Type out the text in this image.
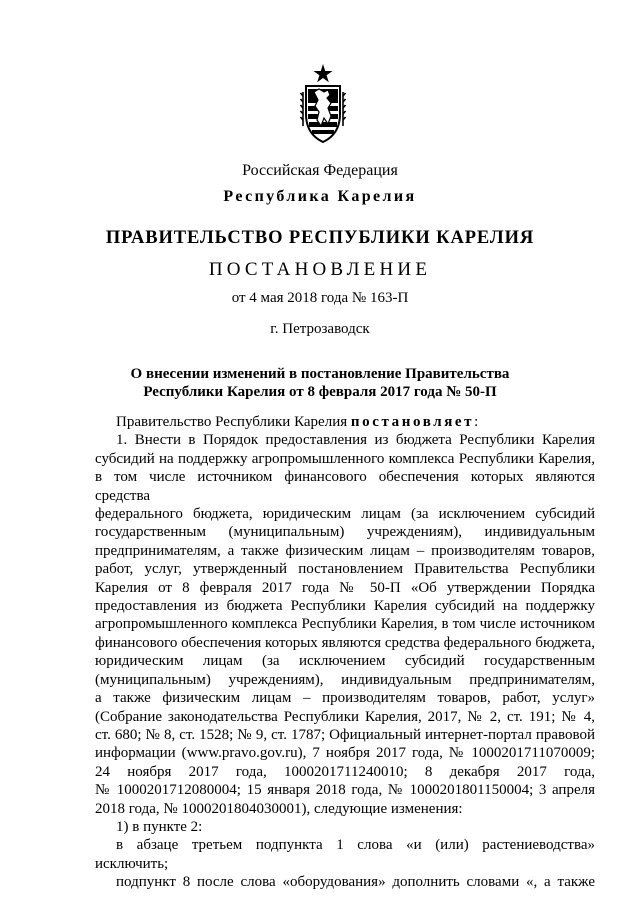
Российская Федерация
Республика Карелия
ПРАВИТЕЛЬСТВО РЕСПУБЛИКИ КАРЕЛИЯ
ПОСТАНОВЛЕНИЕ
от 4 мая 2018 года № 163-П
г. Петрозаводск
О внесении изменений в постановление Правительства
Республики Карелия от 8 февраля 2017 года № 50-П

Правительство Республики Карелия постановляет:

1. Внести в Порядок предоставления из бюджета Республики Карелия

субсидий на поддержку агропромышленного комплекса Республики Карелия,

в том числе источником финансового обеспечения которых являются средства

федерального бюджета, юридическим лицам (за исключением субсидий

государственным (муниципальным) учреждениям), индивидуальным

предпринимателям, а также физическим лицам – производителям товаров,

работ, услуг, утвержденный постановлением Правительства Республики

Карелия от 8 февраля 2017 года № 50-П «Об утверждении Порядка

предоставления из бюджета Республики Карелия субсидий на поддержку

агропромышленного комплекса Республики Карелия, в том числе источником

финансового обеспечения которых являются средства федерального бюджета,

юридическим лицам (за исключением субсидий государственным

(муниципальным) учреждениям), индивидуальным предпринимателям,

а также физическим лицам – производителям товаров, работ, услуг»

(Собрание законодательства Республики Карелия, 2017, № 2, ст. 191; № 4,

ст. 680; № 8, ст. 1528; № 9, ст. 1787; Официальный интернет-портал правовой

информации (www.pravo.gov.ru), 7 ноября 2017 года, № 1000201711070009;

24 ноября 2017 года, 1000201711240010; 8 декабря 2017 года,

№ 1000201712080004; 15 января 2018 года, № 1000201801150004; 3 апреля

2018 года, № 1000201804030001), следующие изменения:

1) в пункте 2:

в абзаце третьем подпункта 1 слова «и (или) растениеводства»

исключить;

подпункт 8 после слова «оборудования» дополнить словами «, а также
